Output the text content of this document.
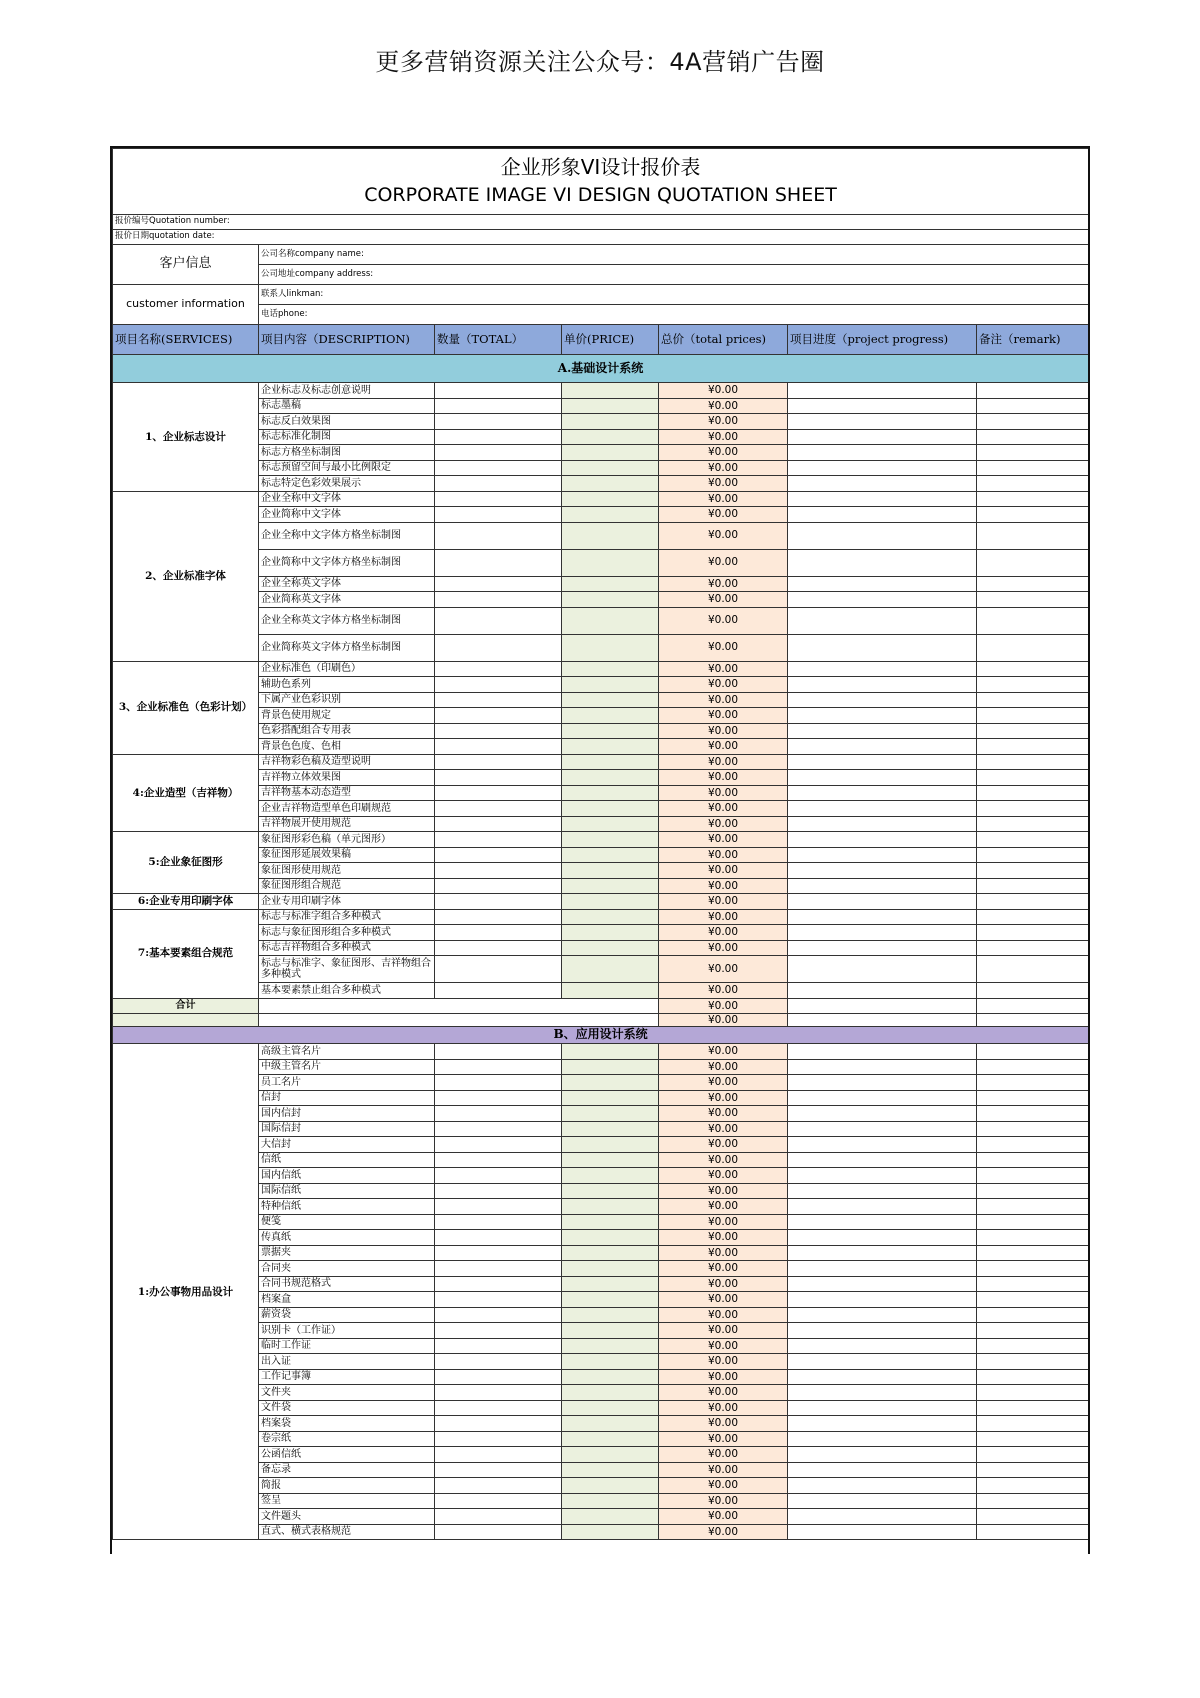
更多营销资源关注公众号：4A营销广告圈
企业形象VI设计报价表						
CORPORATE IMAGE VI DESIGN QUOTATION SHEET						
报价编号Quotation number:						
报价日期quotation date:						
客户信息	公司名称company name:					
	公司地址company address:					
customer information	联系人linkman:					
	电话phone:					
项目名称(SERVICES)	项目内容（DESCRIPTION)	数量（TOTAL）	单价(PRICE)	总价（total prices)	项目进度（project progress)	备注（remark)
A.基础设计系统						
1、企业标志设计	企业标志及标志创意说明			¥0.00		
	标志墨稿			¥0.00		
	标志反白效果图			¥0.00		
	标志标准化制图			¥0.00		
	标志方格坐标制图			¥0.00		
	标志预留空间与最小比例限定			¥0.00		
	标志特定色彩效果展示			¥0.00		
2、企业标准字体	企业全称中文字体			¥0.00		
	企业简称中文字体			¥0.00		
	企业全称中文字体方格坐标制图			¥0.00		
	企业简称中文字体方格坐标制图			¥0.00		
	企业全称英文字体			¥0.00		
	企业简称英文字体			¥0.00		
	企业全称英文字体方格坐标制图			¥0.00		
	企业简称英文字体方格坐标制图			¥0.00		
3、企业标准色（色彩计划）	企业标准色（印刷色）			¥0.00		
	辅助色系列			¥0.00		
	下属产业色彩识别			¥0.00		
	背景色使用规定			¥0.00		
	色彩搭配组合专用表			¥0.00		
	背景色色度、色相			¥0.00		
4:企业造型（吉祥物）	吉祥物彩色稿及造型说明			¥0.00		
	吉祥物立体效果图			¥0.00		
	吉祥物基本动态造型			¥0.00		
	企业吉祥物造型单色印刷规范			¥0.00		
	吉祥物展开使用规范			¥0.00		
5:企业象征图形	象征图形彩色稿（单元图形）			¥0.00		
	象征图形延展效果稿			¥0.00		
	象征图形使用规范			¥0.00		
	象征图形组合规范			¥0.00		
6:企业专用印刷字体	企业专用印刷字体			¥0.00		
7:基本要素组合规范	标志与标准字组合多种模式			¥0.00		
	标志与象征图形组合多种模式			¥0.00		
	标志吉祥物组合多种模式			¥0.00		
	标志与标准字、象征图形、吉祥物组合多种模式			¥0.00		
	基本要素禁止组合多种模式			¥0.00		
合计				¥0.00		
				¥0.00		
B、应用设计系统						
1:办公事物用品设计	高级主管名片			¥0.00		
	中级主管名片			¥0.00		
	员工名片			¥0.00		
	信封			¥0.00		
	国内信封			¥0.00		
	国际信封			¥0.00		
	大信封			¥0.00		
	信纸			¥0.00		
	国内信纸			¥0.00		
	国际信纸			¥0.00		
	特种信纸			¥0.00		
	便笺			¥0.00		
	传真纸			¥0.00		
	票据夹			¥0.00		
	合同夹			¥0.00		
	合同书规范格式			¥0.00		
	档案盒			¥0.00		
	薪资袋			¥0.00		
	识别卡（工作证）			¥0.00		
	临时工作证			¥0.00		
	出入证			¥0.00		
	工作记事簿			¥0.00		
	文件夹			¥0.00		
	文件袋			¥0.00		
	档案袋			¥0.00		
	卷宗纸			¥0.00		
	公函信纸			¥0.00		
	备忘录			¥0.00		
	简报			¥0.00		
	签呈			¥0.00		
	文件题头			¥0.00		
	直式、横式表格规范			¥0.00		
